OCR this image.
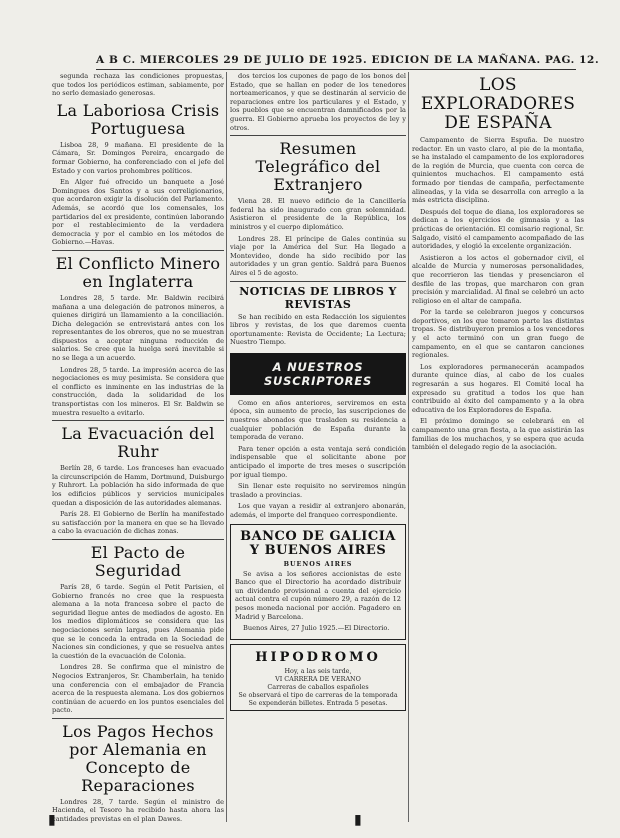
A B C. MIERCOLES 29 DE JULIO DE 1925. EDICION DE LA MAÑANA. PAG. 12.

segunda rechaza las condiciones propuestas, que todos los periódicos estiman, sabiamente, por no serlo demasiado generosas.

La Laboriosa Crisis Portuguesa

Lisboa 28, 9 mañana. El presidente de la Cámara, Sr. Domingos Pereira, encargado de formar Gobierno, ha conferenciado con el jefe del Estado y con varios prohombres políticos.

En Alger fué ofrecido un banquete a José Domingues dos Santos y a sus correligionarios, que acordaron exigir la disolución del Parlamento. Además, se acordó que los comensales, los partidarios del ex presidente, continúen laborando por el restablecimiento de la verdadera democracia y por el cambio en los métodos de Gobierno.—Havas.

El Conflicto Minero en Inglaterra

Londres 28, 5 tarde. Mr. Baldwin recibirá mañana a una delegación de patronos mineros, a quienes dirigirá un llamamiento a la conciliación. Dicha delegación se entrevistará antes con los representantes de los obreros, que no se muestran dispuestos a aceptar ninguna reducción de salarios. Se cree que la huelga será inevitable si no se llega a un acuerdo.

Londres 28, 5 tarde. La impresión acerca de las negociaciones es muy pesimista. Se considera que el conflicto es inminente en las industrias de la construcción, dada la solidaridad de los transportistas con los mineros. El Sr. Baldwin se muestra resuelto a evitarlo.

La Evacuación del Ruhr

Berlín 28, 6 tarde. Los franceses han evacuado la circunscripción de Hamm, Dortmund, Duisburgo y Ruhrort. La población ha sido informada de que los edificios públicos y servicios municipales quedan a disposición de las autoridades alemanas.

París 28. El Gobierno de Berlín ha manifestado su satisfacción por la manera en que se ha llevado a cabo la evacuación de dichas zonas.

El Pacto de Seguridad

París 28, 6 tarde. Según el Petit Parisien, el Gobierno francés no cree que la respuesta alemana a la nota francesa sobre el pacto de seguridad llegue antes de mediados de agosto. En los medios diplomáticos se considera que las negociaciones serán largas, pues Alemania pide que se le conceda la entrada en la Sociedad de Naciones sin condiciones, y que se resuelva antes la cuestión de la evacuación de Colonia.

Londres 28. Se confirma que el ministro de Negocios Extranjeros, Sr. Chamberlain, ha tenido una conferencia con el embajador de Francia acerca de la respuesta alemana. Los dos gobiernos continúan de acuerdo en los puntos esenciales del pacto.

Los Pagos Hechos por Alemania en Concepto de Reparaciones

Londres 28, 7 tarde. Según el ministro de Hacienda, el Tesoro ha recibido hasta ahora las cantidades previstas en el plan Dawes.

dos tercios los cupones de pago de los bonos del Estado, que se hallan en poder de los tenedores norteamericanos, y que se destinarán al servicio de reparaciones entre los particulares y el Estado, y los pueblos que se encuentran damnificados por la guerra. El Gobierno aprueba los proyectos de ley y otros.

Resumen Telegráfico del Extranjero

Viena 28. El nuevo edificio de la Cancillería federal ha sido inaugurado con gran solemnidad. Asistieron el presidente de la República, los ministros y el cuerpo diplomático.

Londres 28. El príncipe de Gales continúa su viaje por la América del Sur. Ha llegado a Montevideo, donde ha sido recibido por las autoridades y un gran gentío. Saldrá para Buenos Aires el 5 de agosto.

NOTICIAS DE LIBROS Y REVISTAS

Se han recibido en esta Redacción los siguientes libros y revistas, de los que daremos cuenta oportunamente: Revista de Occidente; La Lectura; Nuestro Tiempo.

A NUESTROS SUSCRIPTORES

Como en años anteriores, serviremos en esta época, sin aumento de precio, las suscripciones de nuestros abonados que trasladen su residencia a cualquier población de España durante la temporada de verano.

Para tener opción a esta ventaja será condición indispensable que el solicitante abone por anticipado el importe de tres meses o suscripción por igual tiempo.

Sin llenar este requisito no serviremos ningún traslado a provincias.

Los que vayan a residir al extranjero abonarán, además, el importe del franqueo correspondiente.

BANCO DE GALICIA Y BUENOS AIRES
BUENOS AIRES

Se avisa a los señores accionistas de este Banco que el Directorio ha acordado distribuir un dividendo provisional a cuenta del ejercicio actual contra el cupón número 29, a razón de 12 pesos moneda nacional por acción. Pagadero en Madrid y Barcelona.

Buenos Aires, 27 Julio 1925.—El Directorio.

HIPODROMO

Hoy, a las seis tarde,

VI CARRERA DE VERANO

Carreras de caballos españoles

Se observará el tipo de carreras de la temporada

Se expenderán billetes. Entrada 5 pesetas.

LOS EXPLORADORES DE ESPAÑA

Campamento de Sierra Espuña. De nuestro redactor. En un vasto claro, al pie de la montaña, se ha instalado el campamento de los exploradores de la región de Murcia, que cuenta con cerca de quinientos muchachos. El campamento está formado por tiendas de campaña, perfectamente alineadas, y la vida se desarrolla con arreglo a la más estricta disciplina.

Después del toque de diana, los exploradores se dedican a los ejercicios de gimnasia y a las prácticas de orientación. El comisario regional, Sr. Salgado, visitó el campamento acompañado de las autoridades, y elogió la excelente organización.

Asistieron a los actos el gobernador civil, el alcalde de Murcia y numerosas personalidades, que recorrieron las tiendas y presenciaron el desfile de las tropas, que marcharon con gran precisión y marcialidad. Al final se celebró un acto religioso en el altar de campaña.

Por la tarde se celebraron juegos y concursos deportivos, en los que tomaron parte las distintas tropas. Se distribuyeron premios a los vencedores y el acto terminó con un gran fuego de campamento, en el que se cantaron canciones regionales.

Los exploradores permanecerán acampados durante quince días, al cabo de los cuales regresarán a sus hogares. El Comité local ha expresado su gratitud a todos los que han contribuido al éxito del campamento y a la obra educativa de los Exploradores de España.

El próximo domingo se celebrará en el campamento una gran fiesta, a la que asistirán las familias de los muchachos, y se espera que acuda también el delegado regio de la asociación.

▮	▮
